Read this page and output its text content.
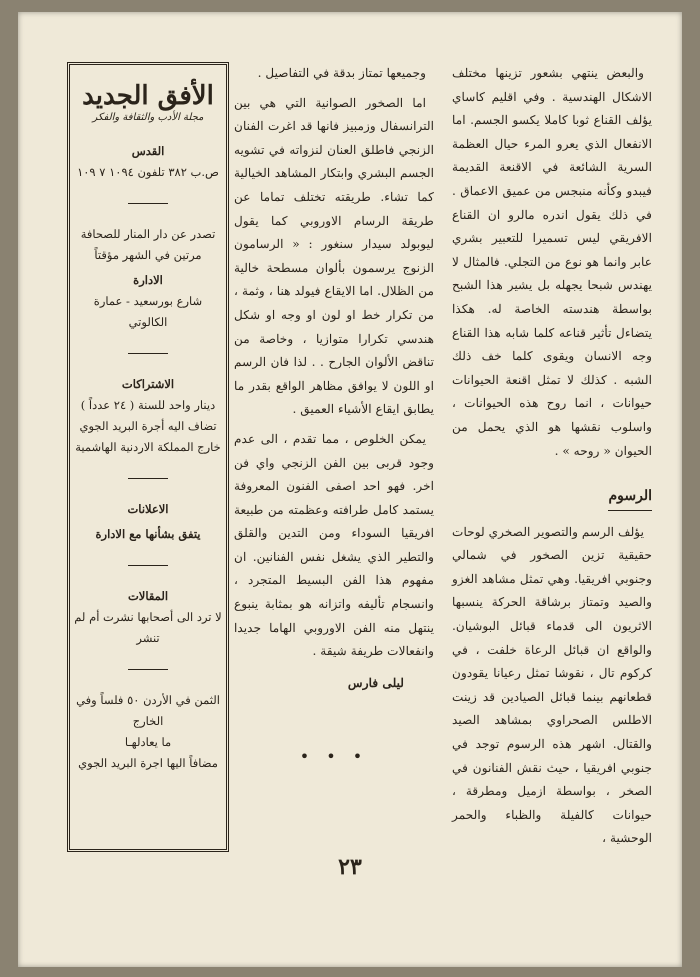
والبعض ينتهي بشعور تزينها مختلف الاشكال الهندسية . وفي اقليم كاساي يؤلف القناع ثوبا كاملا يكسو الجسم. اما الانفعال الذي يعرو المرء حيال العظمة السرية الشائعة في الاقنعة القديمة فيبدو وكأنه منبجس من عميق الاعماق . في ذلك يقول اندره مالرو ان القناع الافريقي ليس تسميرا للتعبير بشري عابر وانما هو نوع من التجلي. فالمثال لا يهندس شبحا يجهله بل يشير هذا الشبح بواسطة هندسته الخاصة له. هكذا يتضاءل تأثير قناعه كلما شابه هذا القناع وجه الانسان ويقوى كلما خف ذلك الشبه . كذلك لا تمثل اقنعة الحيوانات حيوانات ، انما روح هذه الحيوانات ، واسلوب نقشها هو الذي يحمل من الحيوان « روحه » .

الرسوم

يؤلف الرسم والتصوير الصخري لوحات حقيقية تزين الصخور في شمالي وجنوبي افريقيا. وهي تمثل مشاهد الغزو والصيد وتمتاز برشاقة الحركة ينسبها الاثريون الى قدماء قبائل البوشيان. والواقع ان قبائل الرعاة خلفت ، في كركوم تال ، نقوشا تمثل رعيانا يقودون قطعانهم بينما قبائل الصيادين قد زينت الاطلس الصحراوي بمشاهد الصيد والقتال. اشهر هذه الرسوم توجد في جنوبي افريقيا ، حيث نقش الفنانون في الصخر ، بواسطة ازميل ومطرقة ، حيوانات كالفيلة والظباء والحمر الوحشية ،

وجميعها تمتاز بدقة في التفاصيل .

اما الصخور الصوانية التي هي بين الترانسفال وزمبيز فانها قد اغرت الفنان الزنجي فاطلق العنان لنزواته في تشويه الجسم البشري وابتكار المشاهد الخيالية كما تشاء. طريقته تختلف تماما عن طريقة الرسام الاوروبي كما يقول ليوبولد سيدار سنغور : « الرسامون الزنوج يرسمون بألوان مسطحة خالية من الظلال. اما الايقاع فيولد هنا ، وثمة ، من تكرار خط او لون او وجه او شكل هندسي تكرارا متوازيا ، وخاصة من تناقض الألوان الجارح . . لذا فان الرسم او اللون لا يوافق مظاهر الواقع بقدر ما يطابق ايقاع الأشياء العميق .

يمكن الخلوص ، مما تقدم ، الى عدم وجود قربى بين الفن الزنجي واي فن اخر. فهو احد اصفى الفنون المعروفة يستمد كامل طرافته وعظمته من طبيعة افريقيا السوداء ومن التدين والقلق والتطير الذي يشغل نفس الفنانين. ان مفهوم هذا الفن البسيط المتجرد ، وانسجام تأليفه واتزانه هو بمثابة ينبوع ينتهل منه الفن الاوروبي الهاما جديدا وانفعالات طريفة شيقة .

ليلى فارس

• • •

الأفق الجديد
مجلة الأدب والثقافة والفكر
القدس
ص.ب ٣٨٢ تلفون ١٠٩٤ ٧ ١٠٩
تصدر عن دار المنار للصحافة
مرتين في الشهر مؤقتاً
الادارة
شارع بورسعيد - عمارة الكالوتي
الاشتراكات
دينار واحد للسنة ( ٢٤ عدداً )
تضاف اليه أجرة البريد الجوي
خارج المملكة الاردنية الهاشمية
الاعلانات
يتفق بشأنها مع الادارة
المقالات
لا ترد الى أصحابها نشرت أم لم تنشر
الثمن في الأردن ٥٠ فلساً وفي الخارج
ما يعادلهـا
مضافاً اليها اجرة البريد الجوي
٢٣
